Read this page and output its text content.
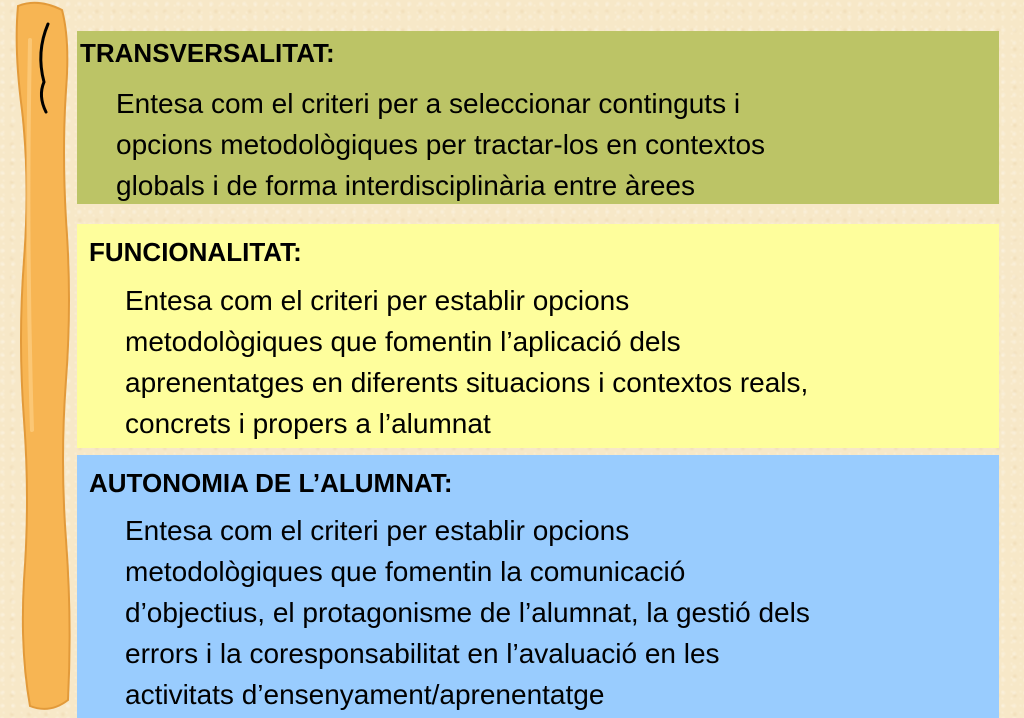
TRANSVERSALITAT:

Entesa com el criteri per a seleccionar continguts i
opcions metodològiques per tractar-los en contextos
globals i de forma interdisciplinària entre àrees

FUNCIONALITAT:

Entesa com el criteri per establir opcions
metodològiques que fomentin l’aplicació dels
aprenentatges en diferents situacions i contextos reals,
concrets i propers a l’alumnat

AUTONOMIA DE L’ALUMNAT:

Entesa com el criteri per establir opcions
metodològiques que fomentin la comunicació
d’objectius, el protagonisme de l’alumnat, la gestió dels
errors i la coresponsabilitat en l’avaluació en les
activitats d’ensenyament/aprenentatge
